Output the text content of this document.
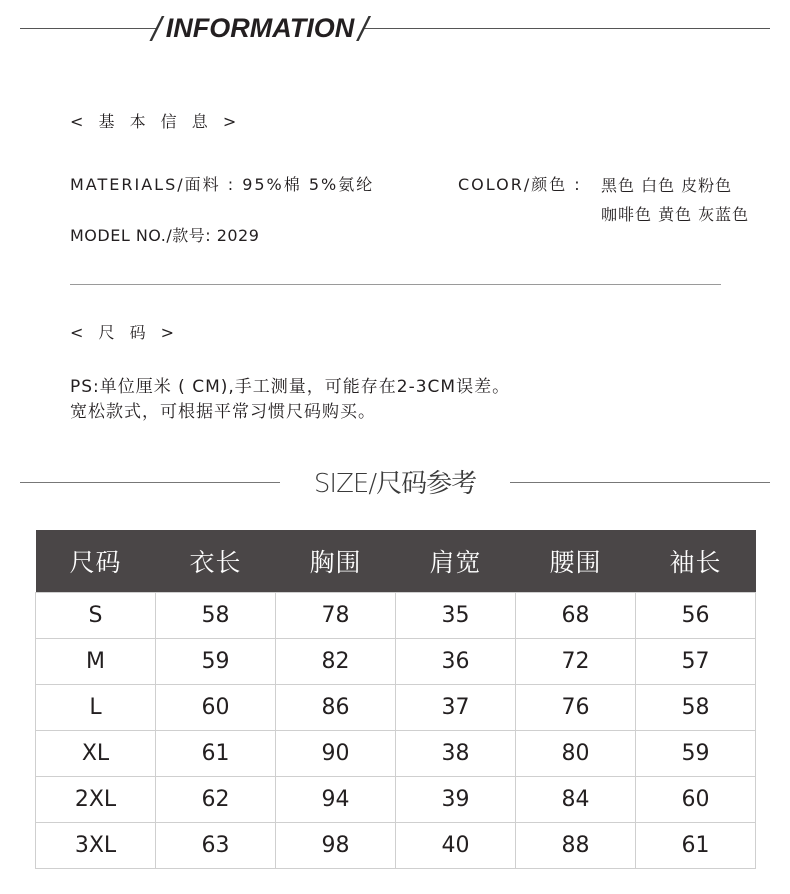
/ INFORMATION /
< 基 本 信 息 >
MATERIALS/面料 : 95%棉 5%氨纶	COLOR/颜色 : 黑色 白色 皮粉色
咖啡色 黄色 灰蓝色
MODEL NO./款号: 2029
< 尺 码 >
PS:单位厘米 ( CM),手工测量，可能存在2-3CM误差。
宽松款式，可根据平常习惯尺码购买。
SIZE/尺码参考
尺码	衣长	胸围	肩宽	腰围	袖长
S	58	78	35	68	56
M	59	82	36	72	57
L	60	86	37	76	58
XL	61	90	38	80	59
2XL	62	94	39	84	60
3XL	63	98	40	88	61
